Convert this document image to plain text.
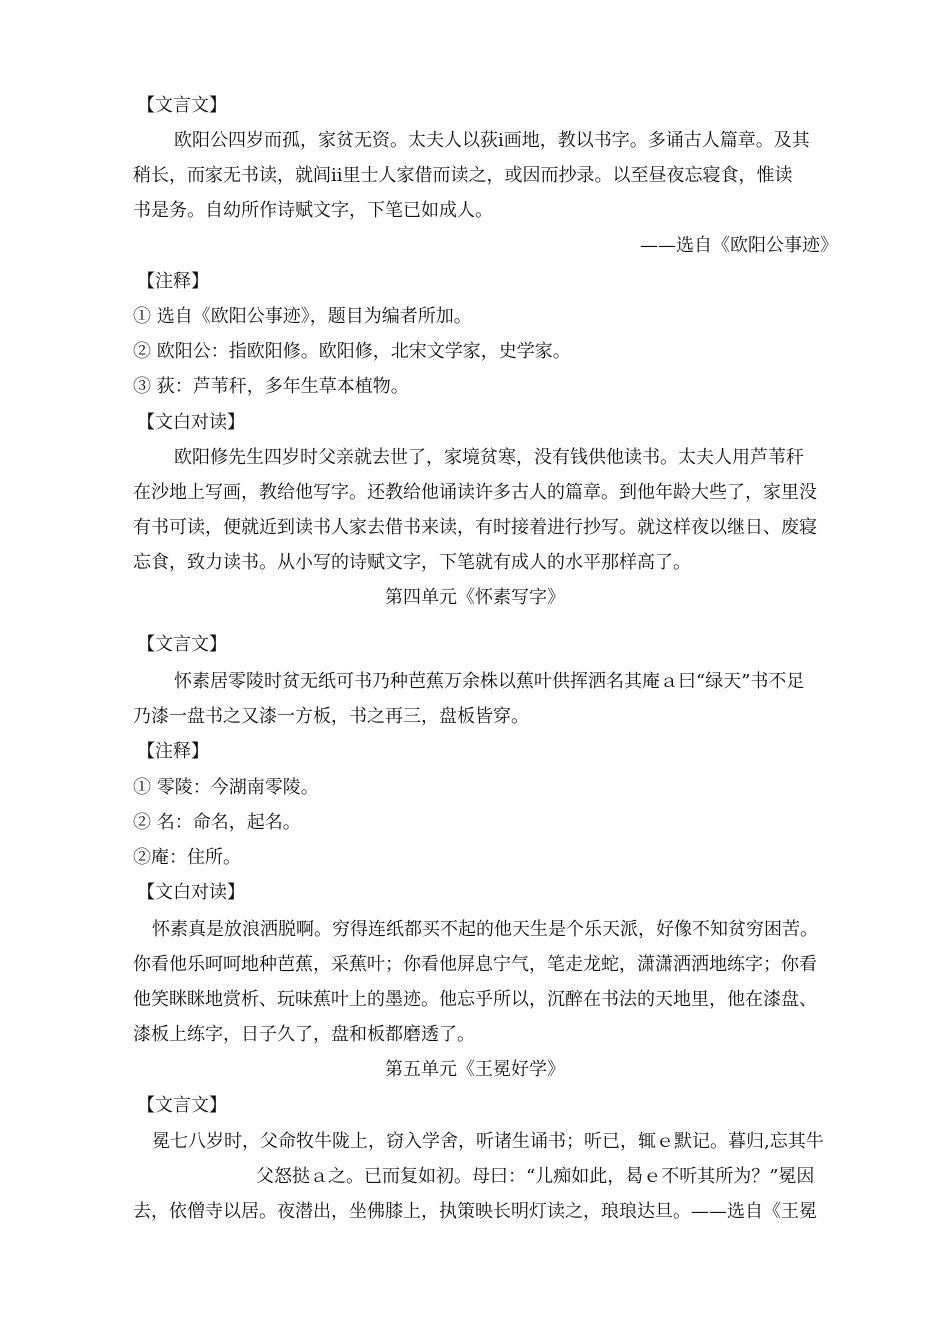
【文言文】
欧阳公四岁而孤，家贫无资。太夫人以荻ⅰ画地，教以书字。多诵古人篇章。及其
稍长，而家无书读，就闾ⅱ里士人家借而读之，或因而抄录。以至昼夜忘寝食，惟读
书是务。自幼所作诗赋文字，下笔已如成人。
——选自《欧阳公事迹》
【注释】
① 选自《欧阳公事迹》，题目为编者所加。
② 欧阳公：指欧阳修。欧阳修，北宋文学家，史学家。
③ 荻：芦苇秆，多年生草本植物。
【文白对读】
欧阳修先生四岁时父亲就去世了，家境贫寒，没有钱供他读书。太夫人用芦苇秆
在沙地上写画，教给他写字。还教给他诵读许多古人的篇章。到他年龄大些了，家里没
有书可读，便就近到读书人家去借书来读，有时接着进行抄写。就这样夜以继日、废寝
忘食，致力读书。从小写的诗赋文字，下笔就有成人的水平那样高了。
第四单元《怀素写字》
【文言文】
怀素居零陵时贫无纸可书乃种芭蕉万余株以蕉叶供挥洒名其庵ａ曰“绿天”书不足
乃漆一盘书之又漆一方板，书之再三，盘板皆穿。
【注释】
① 零陵：今湖南零陵。
② 名：命名，起名。
②庵：住所。
【文白对读】
怀素真是放浪洒脱啊。穷得连纸都买不起的他天生是个乐天派，好像不知贫穷困苦。
你看他乐呵呵地种芭蕉，采蕉叶；你看他屏息宁气，笔走龙蛇，潇潇洒洒地练字；你看
他笑眯眯地赏析、玩味蕉叶上的墨迹。他忘乎所以，沉醉在书法的天地里，他在漆盘、
漆板上练字，日子久了，盘和板都磨透了。
第五单元《王冕好学》
【文言文】
冕七八岁时，父命牧牛陇上，窃入学舍，听诸生诵书；听已，辄ｅ默记。暮归,忘其牛
父怒挞ａ之。已而复如初。母曰：“儿痴如此，曷ｅ不听其所为？”冕因
去，依僧寺以居。夜潜出，坐佛膝上，执策映长明灯读之，琅琅达旦。——选自《王冕
